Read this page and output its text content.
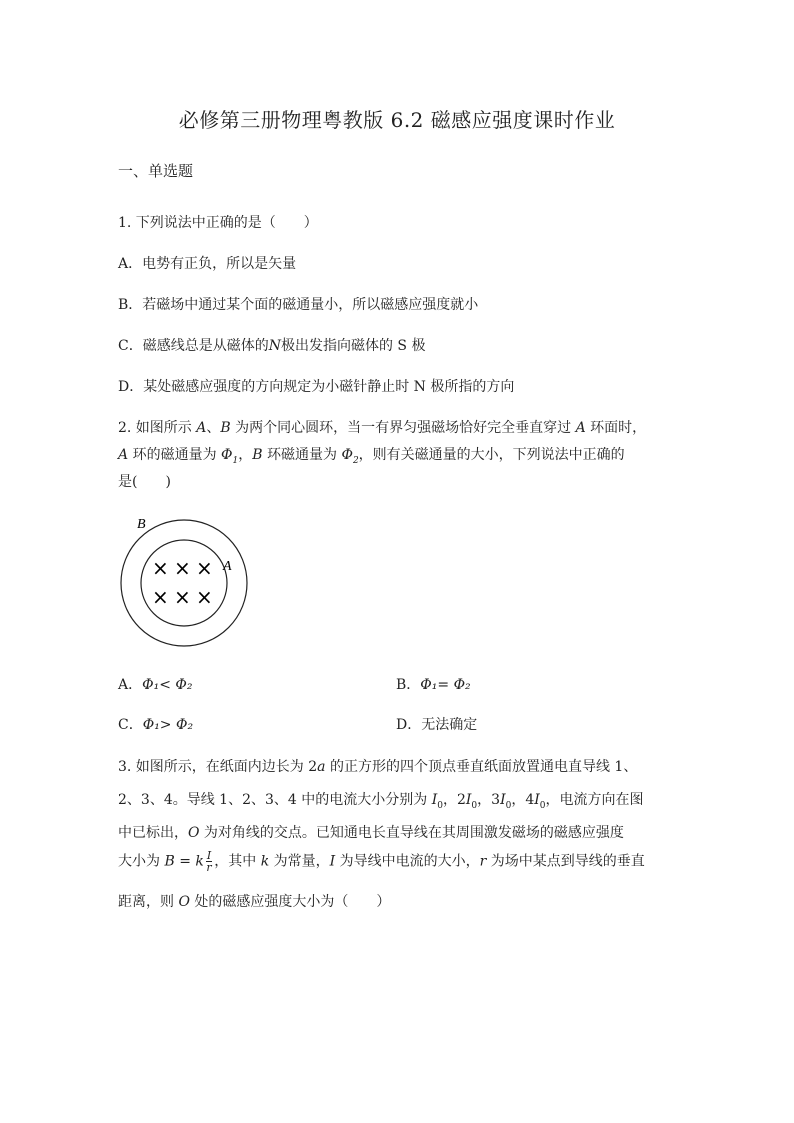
必修第三册物理粤教版 6.2 磁感应强度课时作业
一、单选题
1. 下列说法中正确的是（　　）
A．电势有正负，所以是矢量
B．若磁场中通过某个面的磁通量小，所以磁感应强度就小
C．磁感线总是从磁体的N极出发指向磁体的 S 极
D．某处磁感应强度的方向规定为小磁针静止时 N 极所指的方向
2. 如图所示 A、B 为两个同心圆环，当一有界匀强磁场恰好完全垂直穿过 A 环面时，
A 环的磁通量为 $\Phi_1$，B 环磁通量为 $\Phi_2$，则有关磁通量的大小，下列说法中正确的
是(　　)
B
A
× × ×
× × ×
A．Φ₁< Φ₂	B．Φ₁= Φ₂
C．Φ₁> Φ₂	D．无法确定
3. 如图所示，在纸面内边长为 2a 的正方形的四个顶点垂直纸面放置通电直导线 1、
2、3、4。导线 1、2、3、4 中的电流大小分别为 $I_0$，$2I_0$，$3I_0$，$4I_0$，电流方向在图
中已标出，O 为对角线的交点。已知通电长直导线在其周围激发磁场的磁感应强度
大小为 B = k $\frac{I}{r}$ ，其中 k 为常量，I 为导线中电流的大小，r 为场中某点到导线的垂直
距离，则 O 处的磁感应强度大小为（　　）
